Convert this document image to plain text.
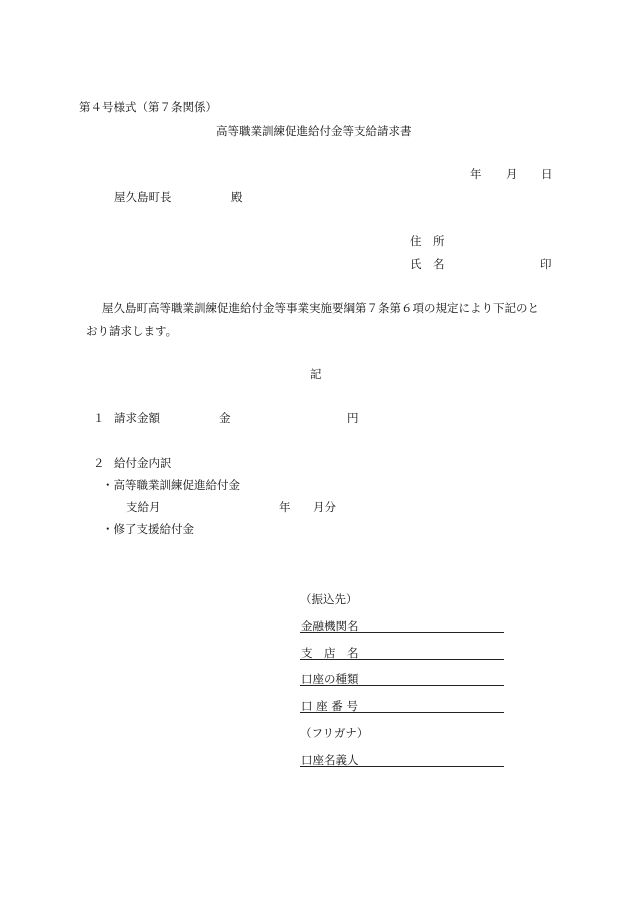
第４号様式（第７条関係）
高等職業訓練促進給付金等支給請求書
年 月 日
屋久島町長	殿
住　所
氏　名	印
屋久島町高等職業訓練促進給付金等事業実施要綱第７条第６項の規定により下記のと
おり請求します。
記
１ 請求金額	金	円
２ 給付金内訳
・高等職業訓練促進給付金
支給月	年 月分
・修了支援給付金
（振込先）
金融機関名
支　店　名
口座の種類
口 座 番 号
（フリガナ）
口座名義人
